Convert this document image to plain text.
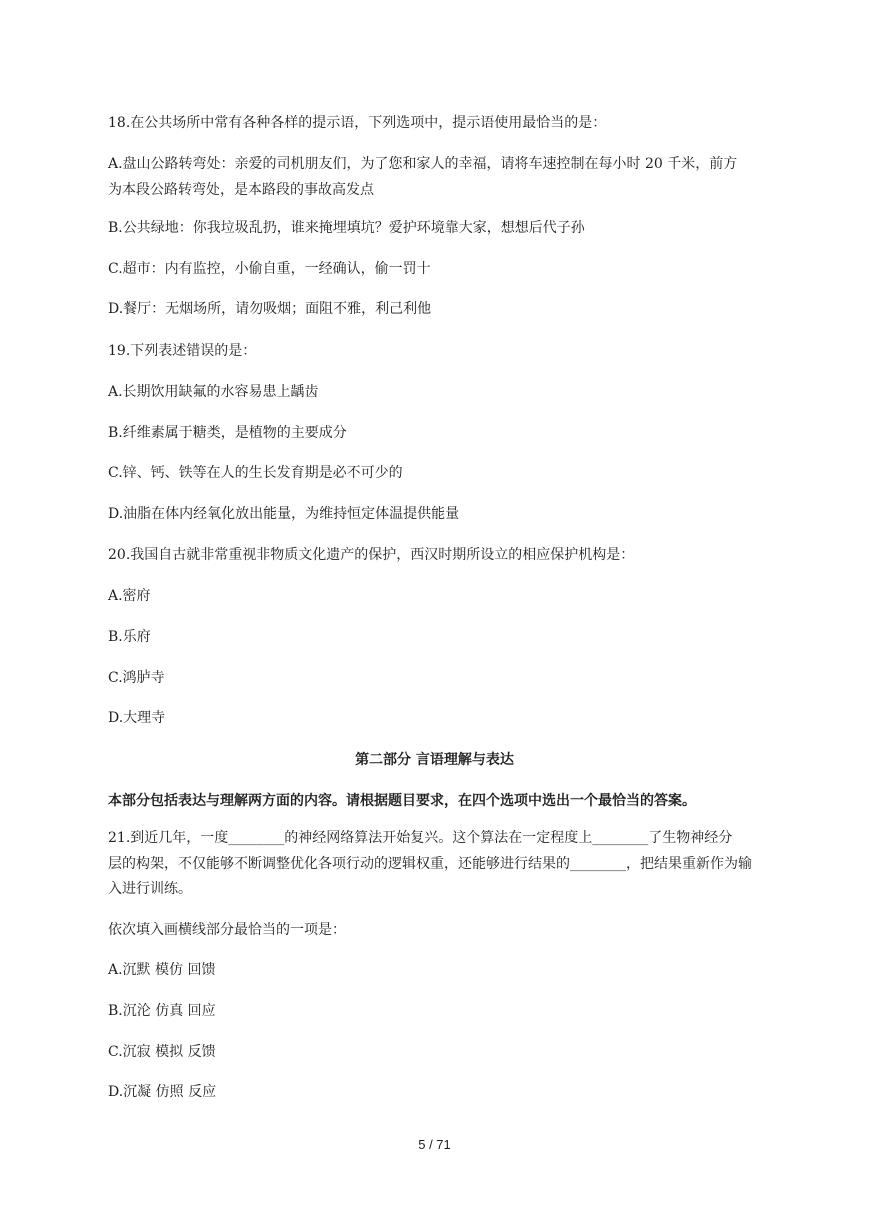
18.在公共场所中常有各种各样的提示语，下列选项中，提示语使用最恰当的是：
A.盘山公路转弯处：亲爱的司机朋友们，为了您和家人的幸福，请将车速控制在每小时 20 千米，前方
为本段公路转弯处，是本路段的事故高发点
B.公共绿地：你我垃圾乱扔，谁来掩埋填坑？爱护环境靠大家，想想后代子孙
C.超市：内有监控，小偷自重，一经确认，偷一罚十
D.餐厅：无烟场所，请勿吸烟；面阻不雅，利己利他
19.下列表述错误的是：
A.长期饮用缺氟的水容易患上龋齿
B.纤维素属于糖类，是植物的主要成分
C.锌、钙、铁等在人的生长发育期是必不可少的
D.油脂在体内经氧化放出能量，为维持恒定体温提供能量
20.我国自古就非常重视非物质文化遗产的保护，西汉时期所设立的相应保护机构是：
A.密府
B.乐府
C.鸿胪寺
D.大理寺
第二部分 言语理解与表达
本部分包括表达与理解两方面的内容。请根据题目要求，在四个选项中选出一个最恰当的答案。
21.到近几年，一度________的神经网络算法开始复兴。这个算法在一定程度上________了生物神经分
层的构架，不仅能够不断调整优化各项行动的逻辑权重，还能够进行结果的________，把结果重新作为输
入进行训练。
依次填入画横线部分最恰当的一项是：
A.沉默 模仿 回馈
B.沉沦 仿真 回应
C.沉寂 模拟 反馈
D.沉凝 仿照 反应
5 / 71
